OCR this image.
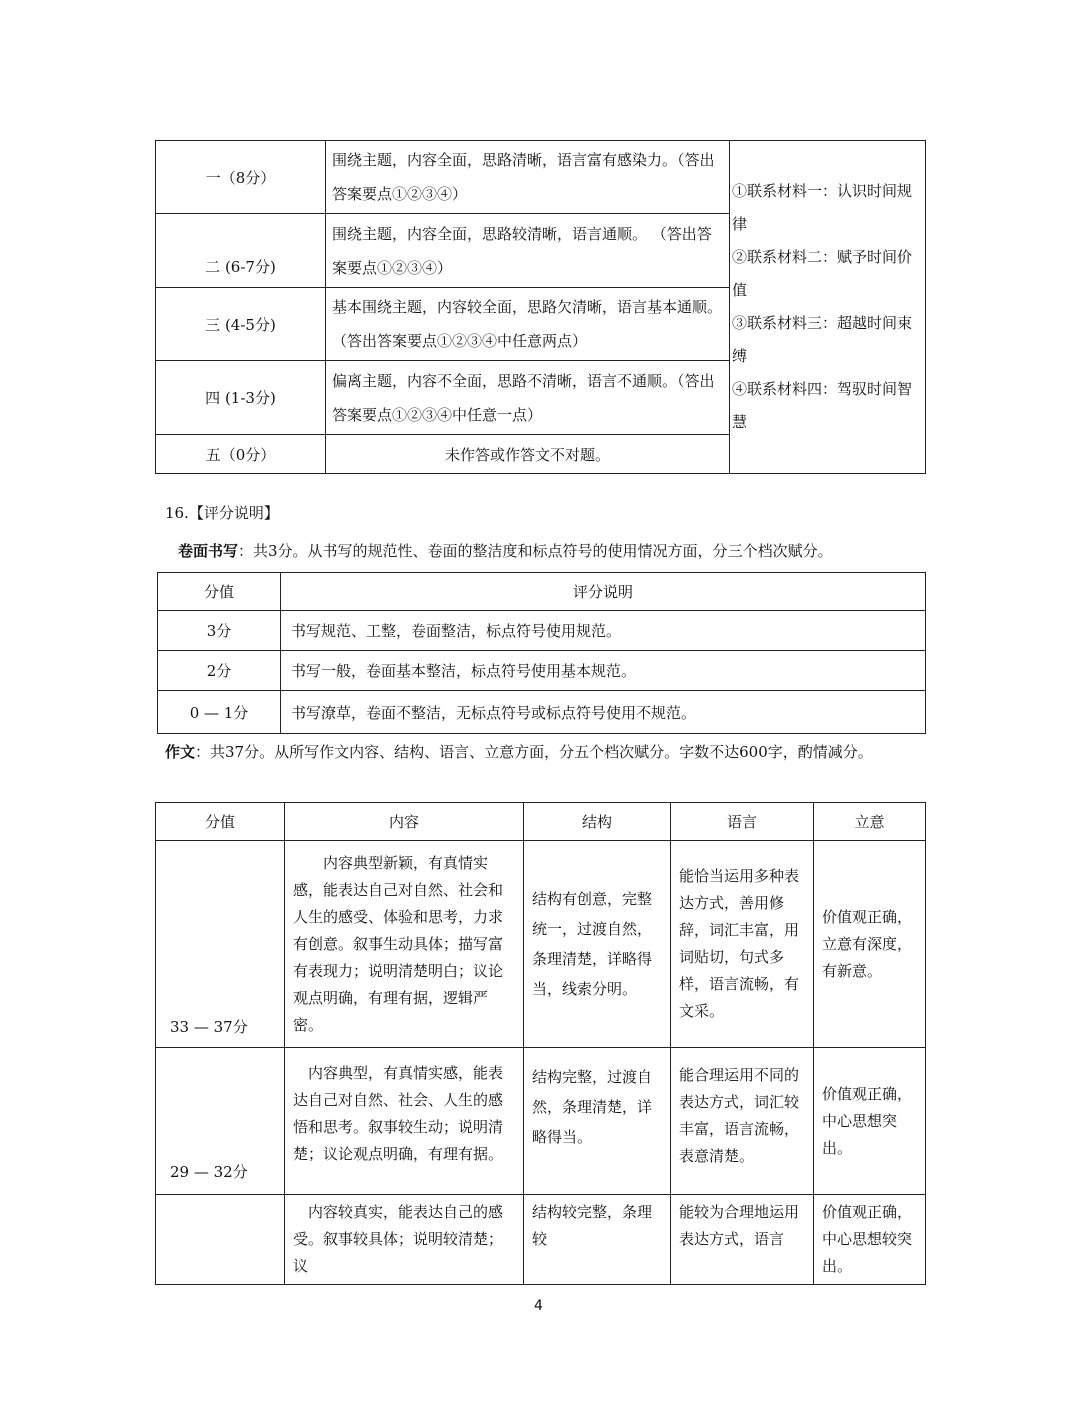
一（8分）	围绕主题，内容全面，思路清晰，语言富有感染力。（答出答案要点①②③④）	①联系材料一：认识时间规律
②联系材料二：赋予时间价值
③联系材料三：超越时间束缚
④联系材料四：驾驭时间智慧

二 (6-7分)	围绕主题，内容全面，思路较清晰，语言通顺。 （答出答案要点①②③④）	
三 (4-5分)	基本围绕主题，内容较全面，思路欠清晰，语言基本通顺。（答出答案要点①②③④中任意两点）	
四 (1-3分)	偏离主题，内容不全面，思路不清晰，语言不通顺。（答出答案要点①②③④中任意一点）	
五（0分）	未作答或作答文不对题。	
16.【评分说明】
卷面书写：共3分。从书写的规范性、卷面的整洁度和标点符号的使用情况方面，分三个档次赋分。
分值	评分说明
3分	书写规范、工整，卷面整洁，标点符号使用规范。
2分	书写一般，卷面基本整洁，标点符号使用基本规范。
0 — 1分	书写潦草，卷面不整洁，无标点符号或标点符号使用不规范。
作文：共37分。从所写作文内容、结构、语言、立意方面，分五个档次赋分。字数不达600字，酌情减分。
分值	内容	结构	语言	立意
33 — 37分	内容典型新颖，有真情实感，能表达自己对自然、社会和人生的感受、体验和思考，力求有创意。叙事生动具体；描写富有表现力；说明清楚明白；议论观点明确，有理有据，逻辑严密。	结构有创意，完整统一，过渡自然，条理清楚，详略得当，线索分明。	能恰当运用多种表达方式，善用修辞，词汇丰富，用词贴切，句式多样，语言流畅，有文采。	价值观正确，立意有深度，有新意。
29 — 32分	内容典型，有真情实感，能表达自己对自然、社会、人生的感悟和思考。叙事较生动；说明清楚；议论观点明确，有理有据。	结构完整，过渡自然，条理清楚，详略得当。	能合理运用不同的表达方式，词汇较丰富，语言流畅，表意清楚。	价值观正确，中心思想突出。
	内容较真实，能表达自己的感受。叙事较具体；说明较清楚；议	结构较完整，条理较	能较为合理地运用表达方式，语言	价值观正确，中心思想较突出。
4
